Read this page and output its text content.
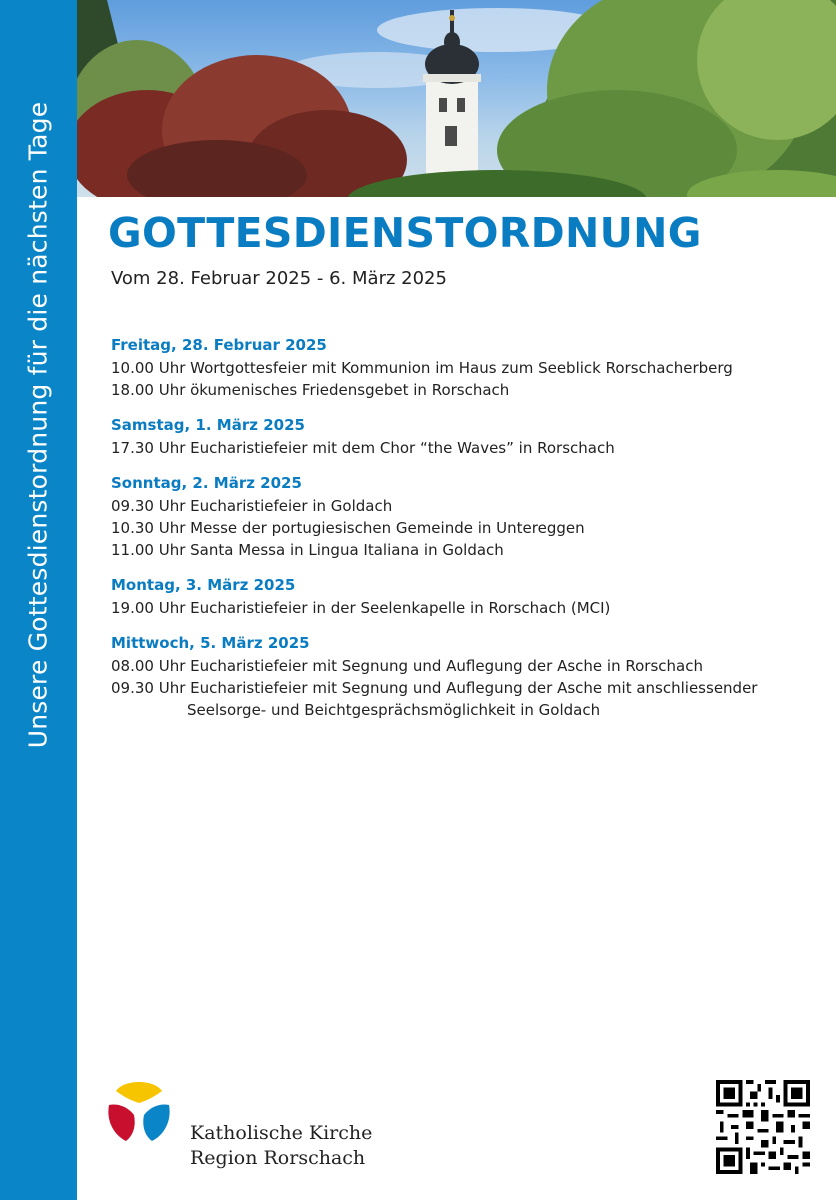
Unsere Gottesdienstordnung für die nächsten Tage GOTTESDIENSTORDNUNG
Vom 28. Februar 2025 - 6. März 2025
Freitag, 28. Februar 2025
10.00 Uhr Wortgottesfeier mit Kommunion im Haus zum Seeblick Rorschacherberg
18.00 Uhr ökumenisches Friedensgebet in Rorschach
Samstag, 1. März 2025
17.30 Uhr Eucharistiefeier mit dem Chor “the Waves” in Rorschach
Sonntag, 2. März 2025
09.30 Uhr Eucharistiefeier in Goldach
10.30 Uhr Messe der portugiesischen Gemeinde in Untereggen
11.00 Uhr Santa Messa in Lingua Italiana in Goldach
Montag, 3. März 2025
19.00 Uhr Eucharistiefeier in der Seelenkapelle in Rorschach (MCI)
Mittwoch, 5. März 2025
08.00 Uhr Eucharistiefeier mit Segnung und Auflegung der Asche in Rorschach
09.30 Uhr Eucharistiefeier mit Segnung und Auflegung der Asche mit anschliessender
Seelsorge- und Beichtgesprächsmöglichkeit in Goldach
Katholische Kirche
Region Rorschach
